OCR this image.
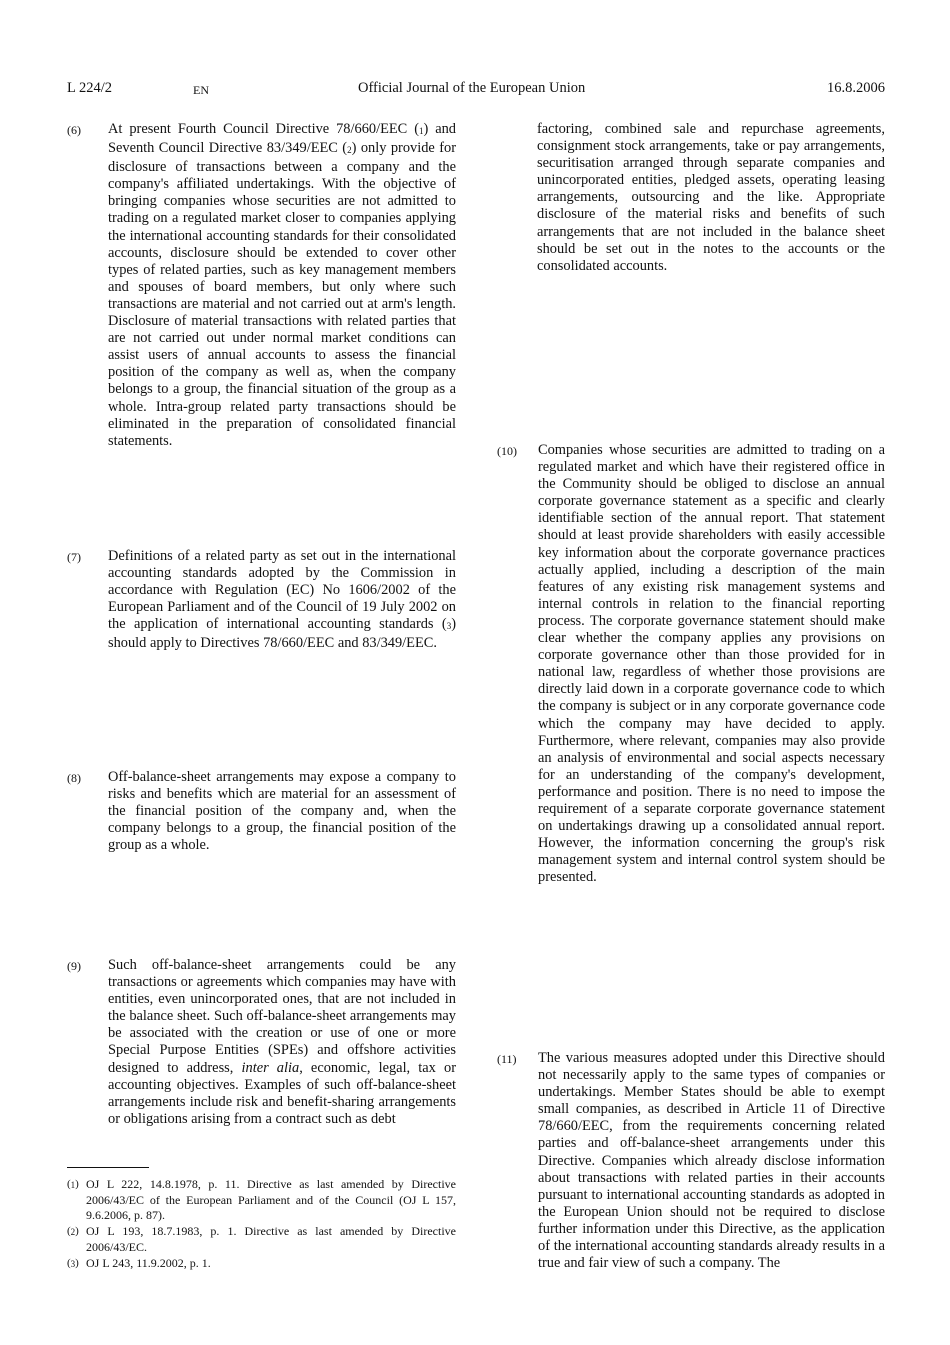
L 224/2	EN	Official Journal of the European Union	16.8.2006
(6) At present Fourth Council Directive 78/660/EEC $(_1)$ and Seventh Council Directive 83/349/EEC $(_2)$ only provide for disclosure of transactions between a company and the company's affiliated undertakings. With the objective of bringing companies whose securities are not admitted to trading on a regulated market closer to companies applying the international accounting standards for their consolidated accounts, disclosure should be extended to cover other types of related parties, such as key management members and spouses of board members, but only where such transactions are material and not carried out at arm's length. Disclosure of material transactions with related parties that are not carried out under normal market conditions can assist users of annual accounts to assess the financial position of the company as well as, when the company belongs to a group, the financial situation of the group as a whole. Intra-group related party transactions should be eliminated in the preparation of consolidated financial statements.
(7) Definitions of a related party as set out in the international accounting standards adopted by the Commission in accordance with Regulation (EC) No 1606/2002 of the European Parliament and of the Council of 19 July 2002 on the application of international accounting standards $(_3)$ should apply to Directives 78/660/EEC and 83/349/EEC.
(8) Off-balance-sheet arrangements may expose a company to risks and benefits which are material for an assessment of the financial position of the company and, when the company belongs to a group, the financial position of the group as a whole.
(9) Such off-balance-sheet arrangements could be any transactions or agreements which companies may have with entities, even unincorporated ones, that are not included in the balance sheet. Such off-balance-sheet arrangements may be associated with the creation or use of one or more Special Purpose Entities (SPEs) and offshore activities designed to address, inter alia, economic, legal, tax or accounting objectives. Examples of such off-balance-sheet arrangements include risk and benefit-sharing arrangements or obligations arising from a contract such as debt
factoring, combined sale and repurchase agreements, consignment stock arrangements, take or pay arrangements, securitisation arranged through separate companies and unincorporated entities, pledged assets, operating leasing arrangements, outsourcing and the like. Appropriate disclosure of the material risks and benefits of such arrangements that are not included in the balance sheet should be set out in the notes to the accounts or the consolidated accounts.
(10) Companies whose securities are admitted to trading on a regulated market and which have their registered office in the Community should be obliged to disclose an annual corporate governance statement as a specific and clearly identifiable section of the annual report. That statement should at least provide shareholders with easily accessible key information about the corporate governance practices actually applied, including a description of the main features of any existing risk management systems and internal controls in relation to the financial reporting process. The corporate governance statement should make clear whether the company applies any provisions on corporate governance other than those provided for in national law, regardless of whether those provisions are directly laid down in a corporate governance code to which the company is subject or in any corporate governance code which the company may have decided to apply. Furthermore, where relevant, companies may also provide an analysis of environmental and social aspects necessary for an understanding of the company's development, performance and position. There is no need to impose the requirement of a separate corporate governance statement on undertakings drawing up a consolidated annual report. However, the information concerning the group's risk management system and internal control system should be presented.
(11) The various measures adopted under this Directive should not necessarily apply to the same types of companies or undertakings. Member States should be able to exempt small companies, as described in Article 11 of Directive 78/660/EEC, from the requirements concerning related parties and off-balance-sheet arrangements under this Directive. Companies which already disclose information about transactions with related parties in their accounts pursuant to international accounting standards as adopted in the European Union should not be required to disclose further information under this Directive, as the application of the international accounting standards already results in a true and fair view of such a company. The
$(_1)$ OJ L 222, 14.8.1978, p. 11. Directive as last amended by Directive 2006/43/EC of the European Parliament and of the Council (OJ L 157, 9.6.2006, p. 87).
$(_2)$ OJ L 193, 18.7.1983, p. 1. Directive as last amended by Directive 2006/43/EC.
$(_3)$ OJ L 243, 11.9.2002, p. 1.
